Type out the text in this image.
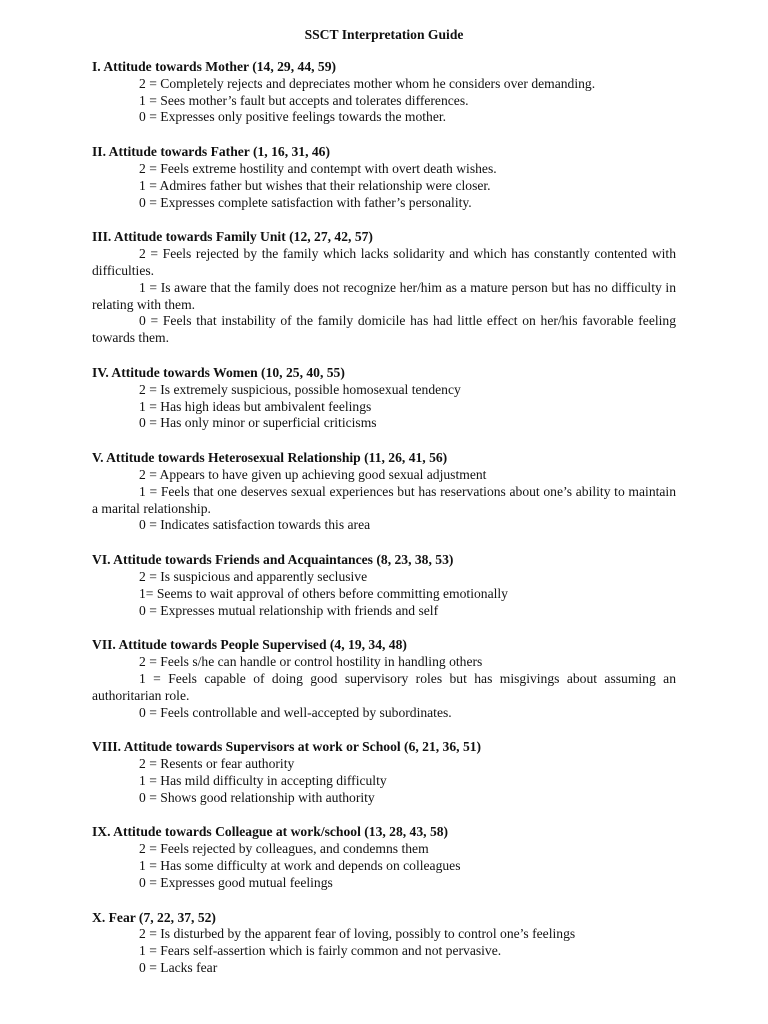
SSCT Interpretation Guide

I. Attitude towards Mother (14, 29, 44, 59)

2 = Completely rejects and depreciates mother whom he considers over demanding.

1 = Sees mother’s fault but accepts and tolerates differences.

0 = Expresses only positive feelings towards the mother.

II. Attitude towards Father (1, 16, 31, 46)

2 = Feels extreme hostility and contempt with overt death wishes.

1 = Admires father but wishes that their relationship were closer.

0 = Expresses complete satisfaction with father’s personality.

III. Attitude towards Family Unit (12, 27, 42, 57)

2 = Feels rejected by the family which lacks solidarity and which has constantly contented with difficulties.

1 = Is aware that the family does not recognize her/him as a mature person but has no difficulty in relating with them.

0 = Feels that instability of the family domicile has had little effect on her/his favorable feeling towards them.

IV. Attitude towards Women (10, 25, 40, 55)

2 = Is extremely suspicious, possible homosexual tendency

1 = Has high ideas but ambivalent feelings

0 = Has only minor or superficial criticisms

V. Attitude towards Heterosexual Relationship (11, 26, 41, 56)

2 = Appears to have given up achieving good sexual adjustment

1 = Feels that one deserves sexual experiences but has reservations about one’s ability to maintain a marital relationship.

0 = Indicates satisfaction towards this area

VI. Attitude towards Friends and Acquaintances (8, 23, 38, 53)

2 = Is suspicious and apparently seclusive

1= Seems to wait approval of others before committing emotionally

0 = Expresses mutual relationship with friends and self

VII. Attitude towards People Supervised (4, 19, 34, 48)

2 = Feels s/he can handle or control hostility in handling others

1 = Feels capable of doing good supervisory roles but has misgivings about assuming an authoritarian role.

0 = Feels controllable and well-accepted by subordinates.

VIII. Attitude towards Supervisors at work or School (6, 21, 36, 51)

2 = Resents or fear authority

1 = Has mild difficulty in accepting difficulty

0 = Shows good relationship with authority

IX. Attitude towards Colleague at work/school (13, 28, 43, 58)

2 = Feels rejected by colleagues, and condemns them

1 = Has some difficulty at work and depends on colleagues

0 = Expresses good mutual feelings

X. Fear (7, 22, 37, 52)

2 = Is disturbed by the apparent fear of loving, possibly to control one’s feelings

1 = Fears self-assertion which is fairly common and not pervasive.

0 = Lacks fear
